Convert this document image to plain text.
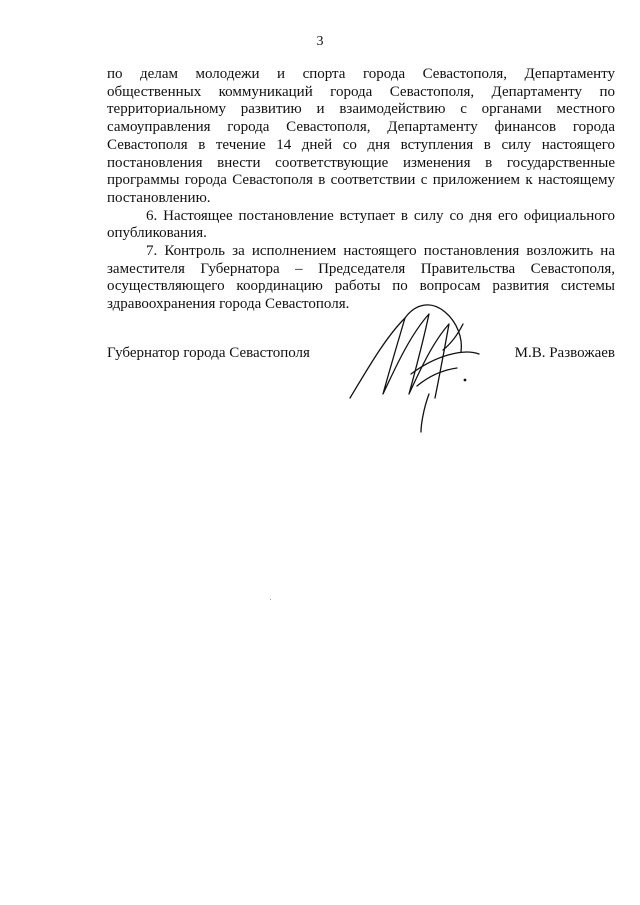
3

по делам молодежи и спорта города Севастополя, Департаменту общественных коммуникаций города Севастополя, Департаменту по территориальному развитию и взаимодействию с органами местного самоуправления города Севастополя, Департаменту финансов города Севастополя в течение 14 дней со дня вступления в силу настоящего постановления внести соответствующие изменения в государственные программы города Севастополя в соответствии с приложением к настоящему постановлению.

6. Настоящее постановление вступает в силу со дня его официального опубликования.

7. Контроль за исполнением настоящего постановления возложить на заместителя Губернатора – Председателя Правительства Севастополя, осуществляющего координацию работы по вопросам развития системы здравоохранения города Севастополя.

Губернатор города Севастополя	М.В. Развожаев
